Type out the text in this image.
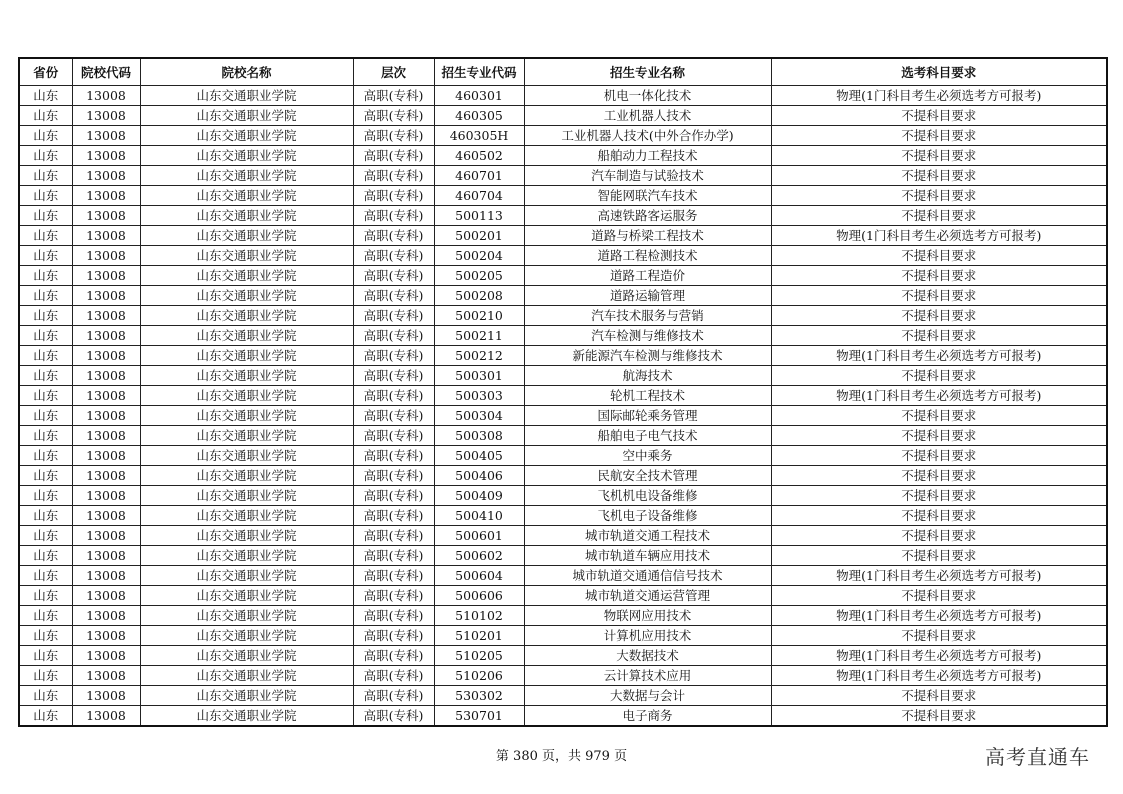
省份	院校代码	院校名称	层次	招生专业代码	招生专业名称	选考科目要求
山东	13008	山东交通职业学院	高职(专科)	460301	机电一体化技术	物理(1门科目考生必须选考方可报考)
山东	13008	山东交通职业学院	高职(专科)	460305	工业机器人技术	不提科目要求
山东	13008	山东交通职业学院	高职(专科)	460305H	工业机器人技术(中外合作办学)	不提科目要求
山东	13008	山东交通职业学院	高职(专科)	460502	船舶动力工程技术	不提科目要求
山东	13008	山东交通职业学院	高职(专科)	460701	汽车制造与试验技术	不提科目要求
山东	13008	山东交通职业学院	高职(专科)	460704	智能网联汽车技术	不提科目要求
山东	13008	山东交通职业学院	高职(专科)	500113	高速铁路客运服务	不提科目要求
山东	13008	山东交通职业学院	高职(专科)	500201	道路与桥梁工程技术	物理(1门科目考生必须选考方可报考)
山东	13008	山东交通职业学院	高职(专科)	500204	道路工程检测技术	不提科目要求
山东	13008	山东交通职业学院	高职(专科)	500205	道路工程造价	不提科目要求
山东	13008	山东交通职业学院	高职(专科)	500208	道路运输管理	不提科目要求
山东	13008	山东交通职业学院	高职(专科)	500210	汽车技术服务与营销	不提科目要求
山东	13008	山东交通职业学院	高职(专科)	500211	汽车检测与维修技术	不提科目要求
山东	13008	山东交通职业学院	高职(专科)	500212	新能源汽车检测与维修技术	物理(1门科目考生必须选考方可报考)
山东	13008	山东交通职业学院	高职(专科)	500301	航海技术	不提科目要求
山东	13008	山东交通职业学院	高职(专科)	500303	轮机工程技术	物理(1门科目考生必须选考方可报考)
山东	13008	山东交通职业学院	高职(专科)	500304	国际邮轮乘务管理	不提科目要求
山东	13008	山东交通职业学院	高职(专科)	500308	船舶电子电气技术	不提科目要求
山东	13008	山东交通职业学院	高职(专科)	500405	空中乘务	不提科目要求
山东	13008	山东交通职业学院	高职(专科)	500406	民航安全技术管理	不提科目要求
山东	13008	山东交通职业学院	高职(专科)	500409	飞机机电设备维修	不提科目要求
山东	13008	山东交通职业学院	高职(专科)	500410	飞机电子设备维修	不提科目要求
山东	13008	山东交通职业学院	高职(专科)	500601	城市轨道交通工程技术	不提科目要求
山东	13008	山东交通职业学院	高职(专科)	500602	城市轨道车辆应用技术	不提科目要求
山东	13008	山东交通职业学院	高职(专科)	500604	城市轨道交通通信信号技术	物理(1门科目考生必须选考方可报考)
山东	13008	山东交通职业学院	高职(专科)	500606	城市轨道交通运营管理	不提科目要求
山东	13008	山东交通职业学院	高职(专科)	510102	物联网应用技术	物理(1门科目考生必须选考方可报考)
山东	13008	山东交通职业学院	高职(专科)	510201	计算机应用技术	不提科目要求
山东	13008	山东交通职业学院	高职(专科)	510205	大数据技术	物理(1门科目考生必须选考方可报考)
山东	13008	山东交通职业学院	高职(专科)	510206	云计算技术应用	物理(1门科目考生必须选考方可报考)
山东	13008	山东交通职业学院	高职(专科)	530302	大数据与会计	不提科目要求
山东	13008	山东交通职业学院	高职(专科)	530701	电子商务	不提科目要求
第 380 页，共 979 页	高考直通车
